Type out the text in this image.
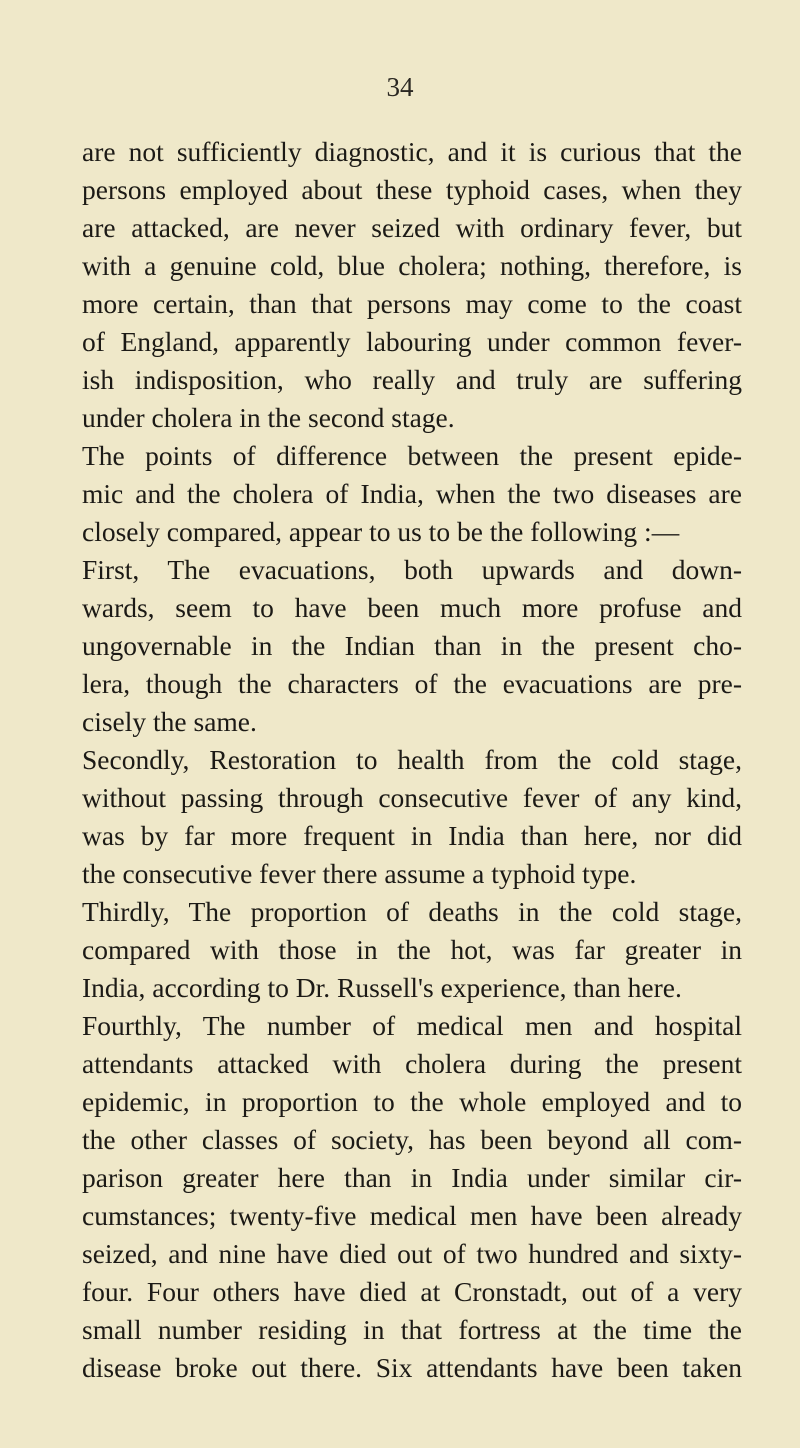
34
are not sufficiently diagnostic, and it is curious that the
persons employed about these typhoid cases, when they
are attacked, are never seized with ordinary fever, but
with a genuine cold, blue cholera; nothing, therefore, is
more certain, than that persons may come to the coast
of England, apparently labouring under common fever-
ish indisposition, who really and truly are suffering
under cholera in the second stage.
The points of difference between the present epide-
mic and the cholera of India, when the two diseases are
closely compared, appear to us to be the following :—
First, The evacuations, both upwards and down-
wards, seem to have been much more profuse and
ungovernable in the Indian than in the present cho-
lera, though the characters of the evacuations are pre-
cisely the same.
Secondly, Restoration to health from the cold stage,
without passing through consecutive fever of any kind,
was by far more frequent in India than here, nor did
the consecutive fever there assume a typhoid type.
Thirdly, The proportion of deaths in the cold stage,
compared with those in the hot, was far greater in
India, according to Dr. Russell's experience, than here.
Fourthly, The number of medical men and hospital
attendants attacked with cholera during the present
epidemic, in proportion to the whole employed and to
the other classes of society, has been beyond all com-
parison greater here than in India under similar cir-
cumstances; twenty-five medical men have been already
seized, and nine have died out of two hundred and sixty-
four. Four others have died at Cronstadt, out of a very
small number residing in that fortress at the time the
disease broke out there. Six attendants have been taken
